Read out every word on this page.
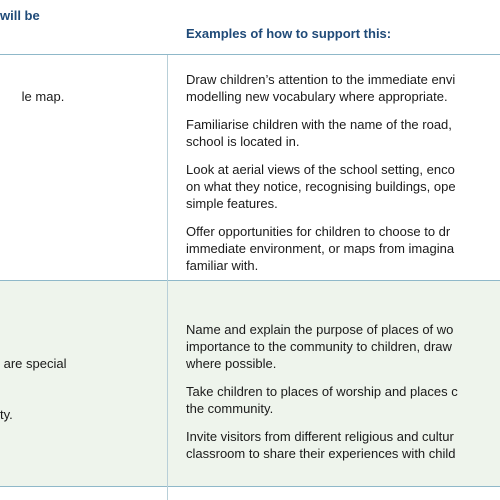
will be
Examples of how to support this:

le map.

Draw children’s attention to the immediate envi
modelling new vocabulary where appropriate.

Familiarise children with the name of the road,
school is located in.

Look at aerial views of the school setting, enco
on what they notice, recognising buildings, ope
simple features.

Offer opportunities for children to choose to dr
immediate environment, or maps from imagina
familiar with.

are special

ty.

Name and explain the purpose of places of wo
importance to the community to children, draw
where possible.

Take children to places of worship and places c
the community.

Invite visitors from different religious and cultur
classroom to share their experiences with child
